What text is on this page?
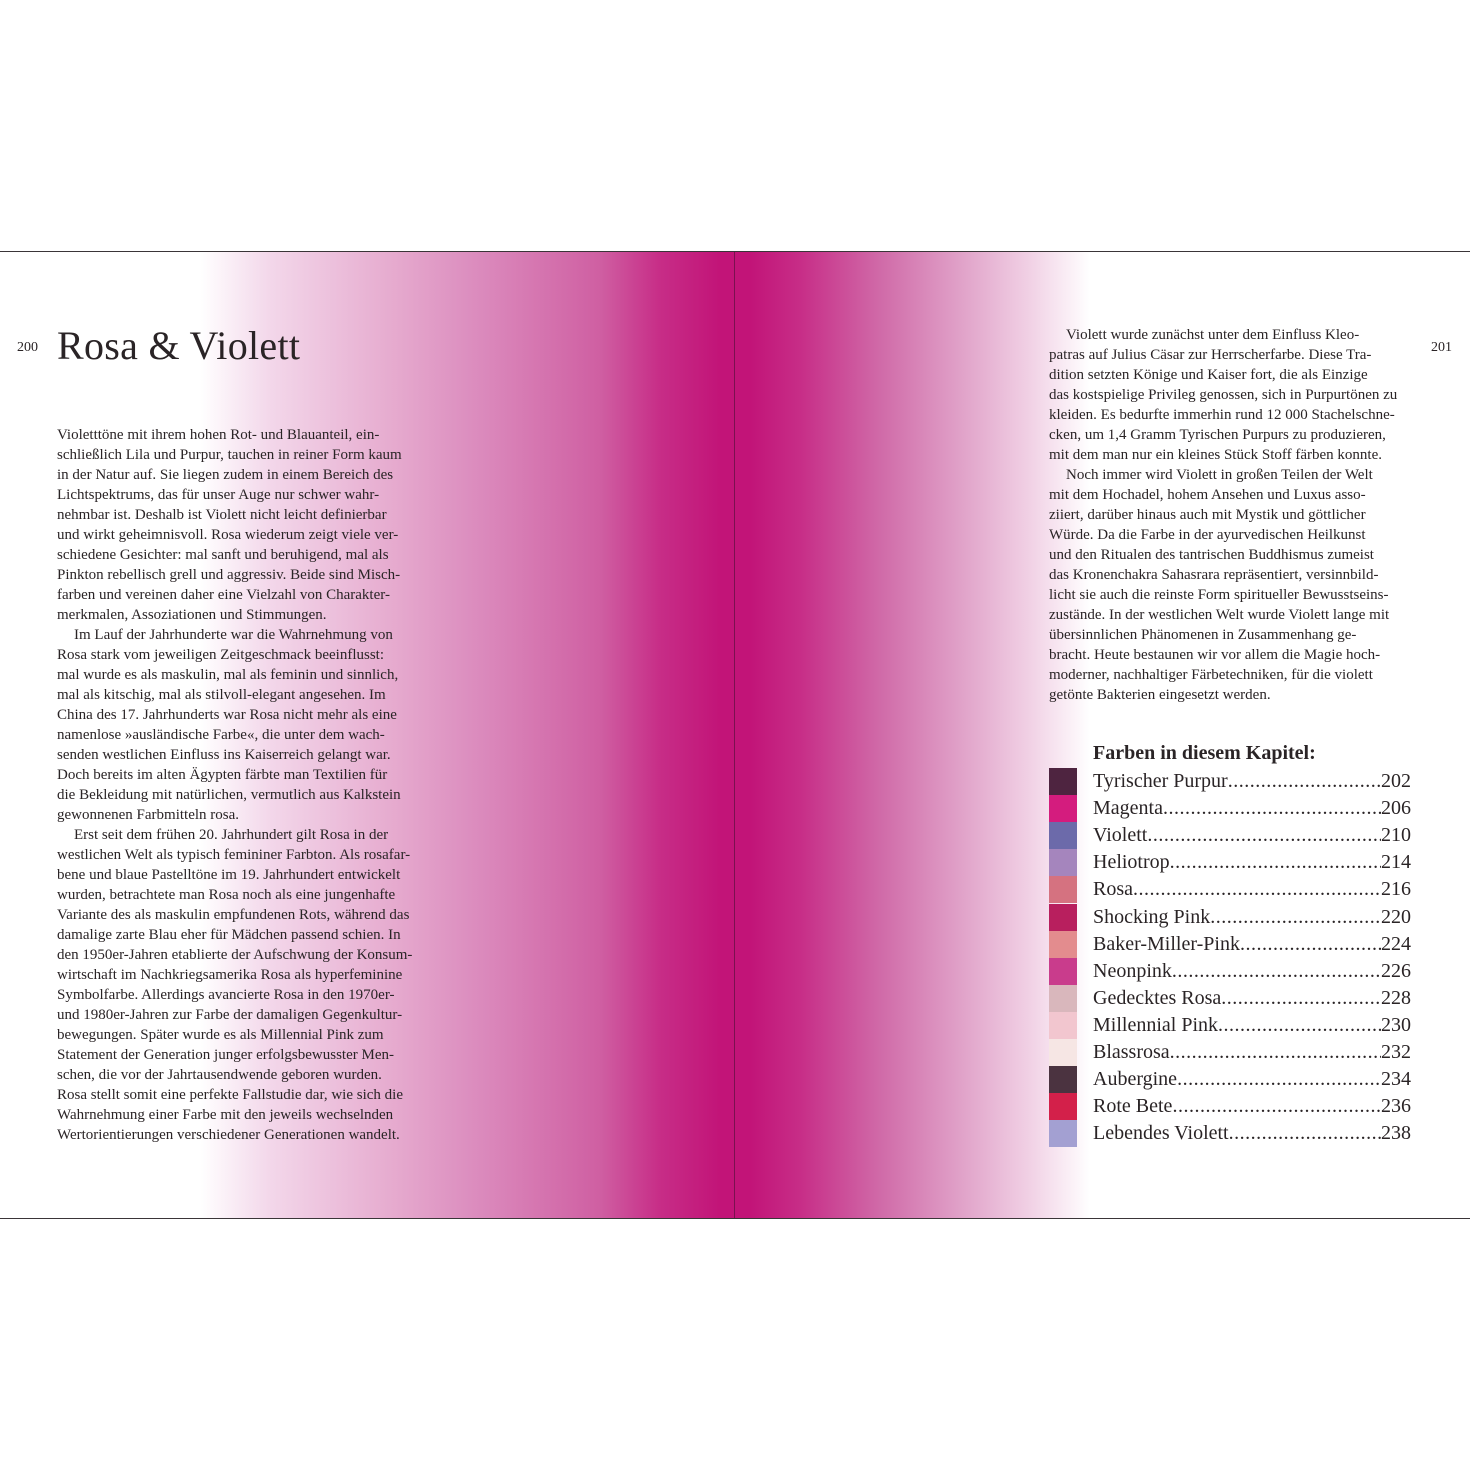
200 Rosa & Violett
Violetttöne mit ihrem hohen Rot- und Blauanteil, ein-
schließlich Lila und Purpur, tauchen in reiner Form kaum
in der Natur auf. Sie liegen zudem in einem Bereich des
Lichtspektrums, das für unser Auge nur schwer wahr-
nehmbar ist. Deshalb ist Violett nicht leicht definierbar
und wirkt geheimnisvoll. Rosa wiederum zeigt viele ver-
schiedene Gesichter: mal sanft und beruhigend, mal als
Pinkton rebellisch grell und aggressiv. Beide sind Misch-
farben und vereinen daher eine Vielzahl von Charakter-
merkmalen, Assoziationen und Stimmungen.
Im Lauf der Jahrhunderte war die Wahrnehmung von
Rosa stark vom jeweiligen Zeitgeschmack beeinflusst:
mal wurde es als maskulin, mal als feminin und sinnlich,
mal als kitschig, mal als stilvoll-elegant angesehen. Im
China des 17. Jahrhunderts war Rosa nicht mehr als eine
namenlose »ausländische Farbe«, die unter dem wach-
senden westlichen Einfluss ins Kaiserreich gelangt war.
Doch bereits im alten Ägypten färbte man Textilien für
die Bekleidung mit natürlichen, vermutlich aus Kalkstein
gewonnenen Farbmitteln rosa.
Erst seit dem frühen 20. Jahrhundert gilt Rosa in der
westlichen Welt als typisch femininer Farbton. Als rosafar-
bene und blaue Pastelltöne im 19. Jahrhundert entwickelt
wurden, betrachtete man Rosa noch als eine jungenhafte
Variante des als maskulin empfundenen Rots, während das
damalige zarte Blau eher für Mädchen passend schien. In
den 1950er-Jahren etablierte der Aufschwung der Konsum-
wirtschaft im Nachkriegsamerika Rosa als hyperfeminine
Symbolfarbe. Allerdings avancierte Rosa in den 1970er-
und 1980er-Jahren zur Farbe der damaligen Gegenkultur-
bewegungen. Später wurde es als Millennial Pink zum
Statement der Generation junger erfolgsbewusster Men-
schen, die vor der Jahrtausendwende geboren wurden.
Rosa stellt somit eine perfekte Fallstudie dar, wie sich die
Wahrnehmung einer Farbe mit den jeweils wechselnden
Wertorientierungen verschiedener Generationen wandelt.
201
Violett wurde zunächst unter dem Einfluss Kleo-
patras auf Julius Cäsar zur Herrscherfarbe. Diese Tra-
dition setzten Könige und Kaiser fort, die als Einzige
das kostspielige Privileg genossen, sich in Purpurtönen zu
kleiden. Es bedurfte immerhin rund 12 000 Stachelschne-
cken, um 1,4 Gramm Tyrischen Purpurs zu produzieren,
mit dem man nur ein kleines Stück Stoff färben konnte.
Noch immer wird Violett in großen Teilen der Welt
mit dem Hochadel, hohem Ansehen und Luxus asso-
ziiert, darüber hinaus auch mit Mystik und göttlicher
Würde. Da die Farbe in der ayurvedischen Heilkunst
und den Ritualen des tantrischen Buddhismus zumeist
das Kronenchakra Sahasrara repräsentiert, versinnbild-
licht sie auch die reinste Form spiritueller Bewusstseins-
zustände. In der westlichen Welt wurde Violett lange mit
übersinnlichen Phänomenen in Zusammenhang ge-
bracht. Heute bestaunen wir vor allem die Magie hoch-
moderner, nachhaltiger Färbetechniken, für die violett
getönte Bakterien eingesetzt werden.

Farben in diesem Kapitel:

Tyrischer Purpur .....	202
Magenta .....	206
Violett .....	210
Heliotrop .....	214
Rosa .....	216
Shocking Pink .....	220
Baker-Miller-Pink .....	224
Neonpink .....	226
Gedecktes Rosa .....	228
Millennial Pink .....	230
Blassrosa .....	232
Aubergine .....	234
Rote Bete .....	236
Lebendes Violett .....	238
